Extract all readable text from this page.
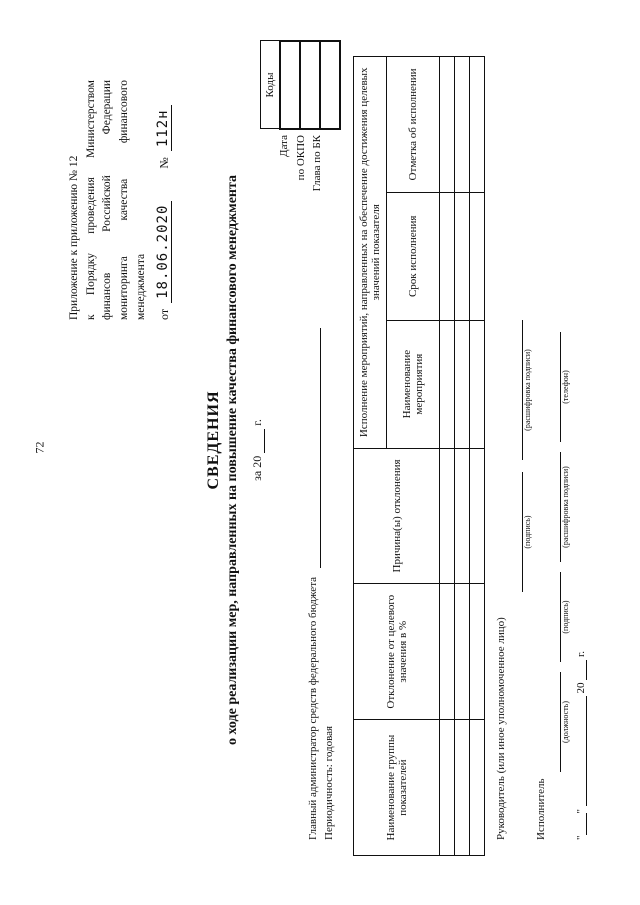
72
Приложение к приложению № 12 к
Порядку
проведения
Министерством
финансов
Российской
Федерации
мониторинга
качества
финансового
менеджмента от
18.06.2020
№
112н
СВЕДЕНИЯ о ходе реализации мер, направленных на повышение качества финансового менеджмента за 20  г.
Дата по ОКПО Глава по БК
Коды

Главный администратор средств федерального бюджета Периодичность: годовая	Наименование группы показателей	Отклонение от целевого значения в %	Причина(ы) отклонения	Исполнение мероприятий, направленных на обеспечение достижения целевых значений показателя		
			Наименование мероприятия	Срок исполнения	Отметка об исполнении

Руководитель (или иное уполномоченное лицо)
(подпись)
(расшифровка подписи)
Исполнитель
(должность)
(подпись)
(расшифровка подписи)
(телефон)
""  20  г.
